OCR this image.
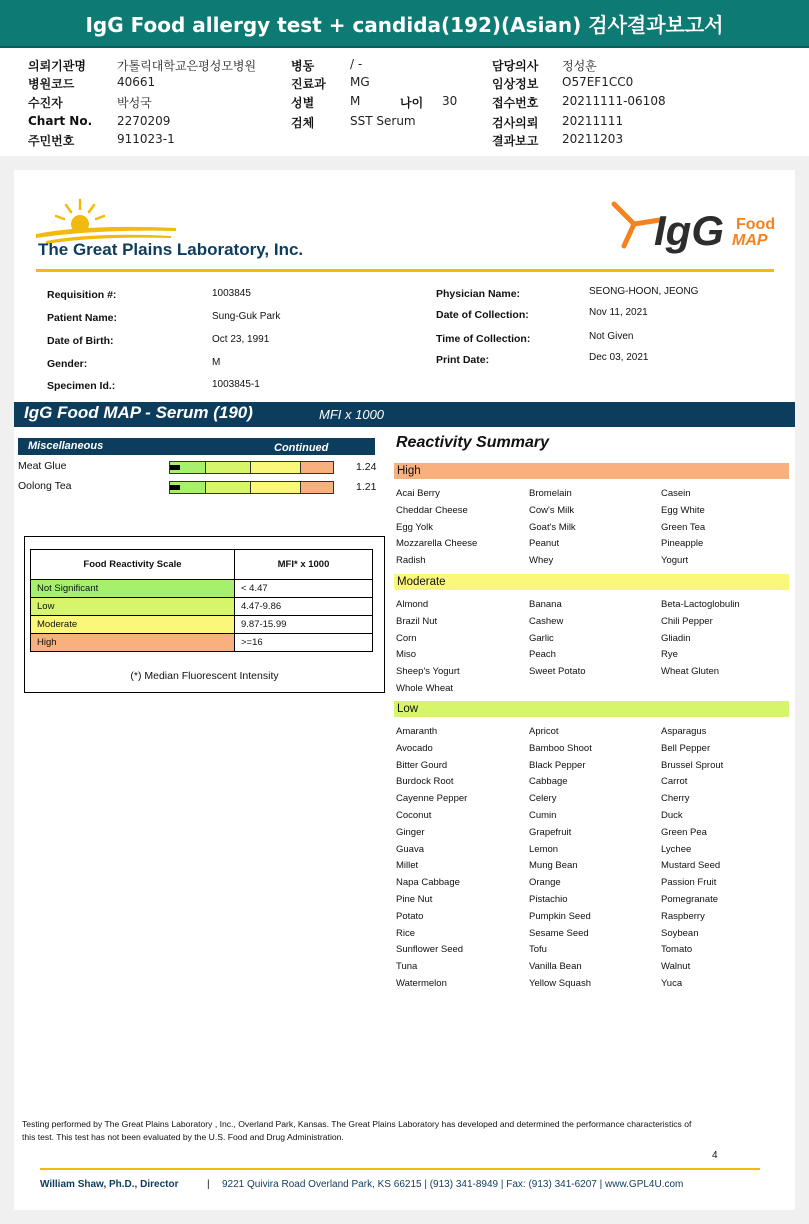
IgG Food allergy test + candida(192)(Asian) 검사결과보고서
의뢰기관명	가톨릭대학교은평성모병원
병원코드	40661
수진자	박성국
Chart No. 2270209
주민번호	911023-1
병동	/ -
진료과 MG
성별	M
검체	SST Serum
나이 30
담당의사 정성훈
임상정보 O57EF1CC0
접수번호 20211111-06108
검사의뢰 20211111
결과보고 20211203
The Great Plains Laboratory, Inc.	IgG Food
MAP
Requisition #:	1003845
Patient Name:	Sung-Guk Park
Date of Birth:	Oct 23, 1991
Gender:	M
Specimen Id.:	1003845-1
Physician Name:	SEONG-HOON, JEONG
Date of Collection:	Nov 11, 2021
Time of Collection:	Not Given
Print Date:	Dec 03, 2021
IgG Food MAP - Serum (190)	MFI x 1000
Miscellaneous	Continued
Meat Glue	1.24
Oolong Tea	1.21
Food Reactivity Scale	MFI* x 1000
Not Significant	< 4.47
Low	4.47-9.86
Moderate	9.87-15.99
High	>=16
(*) Median Fluorescent Intensity
Reactivity Summary
High
Acai Berry	Bromelain	Casein
Cheddar Cheese	Cow's Milk	Egg White
Egg Yolk	Goat's Milk	Green Tea
Mozzarella Cheese	Peanut	Pineapple
Radish	Whey	Yogurt
Moderate
Almond	Banana	Beta-Lactoglobulin
Brazil Nut	Cashew	Chili Pepper
Corn	Garlic	Gliadin
Miso	Peach	Rye
Sheep's Yogurt	Sweet Potato	Wheat Gluten
Whole Wheat
Low
Amaranth	Apricot	Asparagus
Avocado	Bamboo Shoot	Bell Pepper
Bitter Gourd	Black Pepper	Brussel Sprout
Burdock Root	Cabbage	Carrot
Cayenne Pepper	Celery	Cherry
Coconut	Cumin	Duck
Ginger	Grapefruit	Green Pea
Guava	Lemon	Lychee
Millet	Mung Bean	Mustard Seed
Napa Cabbage	Orange	Passion Fruit
Pine Nut	Pistachio	Pomegranate
Potato	Pumpkin Seed	Raspberry
Rice	Sesame Seed	Soybean
Sunflower Seed	Tofu	Tomato
Tuna	Vanilla Bean	Walnut
Watermelon	Yellow Squash	Yuca
Testing performed by The Great Plains Laboratory , Inc., Overland Park, Kansas. The Great Plains Laboratory has developed and determined the performance characteristics of this test. This test has not been evaluated by the U.S. Food and Drug Administration.
4
William Shaw, Ph.D., Director	| 9221 Quivira Road Overland Park, KS 66215 | (913) 341-8949 | Fax: (913) 341-6207 | www.GPL4U.com
